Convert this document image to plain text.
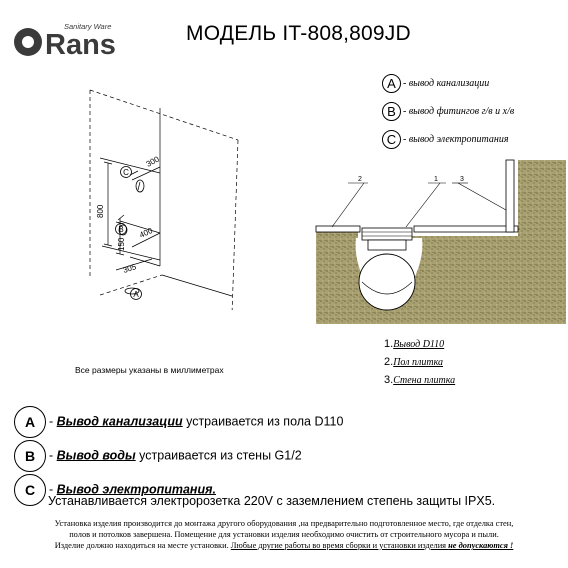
Rans
Sanitary Ware	МОДЕЛЬ IT-808,809JD
300
800
400
150
305
C
B
A
A - вывод канализации
B - вывод фитингов г/в и х/в
C - вывод электропитания
2	1	3
Все размеры указаны в миллиметрах
1.Вывод D110
2.Пол плитка
3.Стена плитка
A - Вывод канализации устраивается из пола D110
B - Вывод воды устраивается из стены G1/2
C - Вывод электропитания.
Устанавливается электророзетка 220V с заземлением степень защиты IPX5.
Установка изделия производится до монтажа другого оборудования ,на предварительно подготовленное место, где отделка стен,
полов и потолков завершена. Помещение для установки изделия необходимо очистить от строительного мусора и пыли.
Изделие должно находиться на месте установки. Любые другие работы во время сборки и установки изделия не допускаются !
